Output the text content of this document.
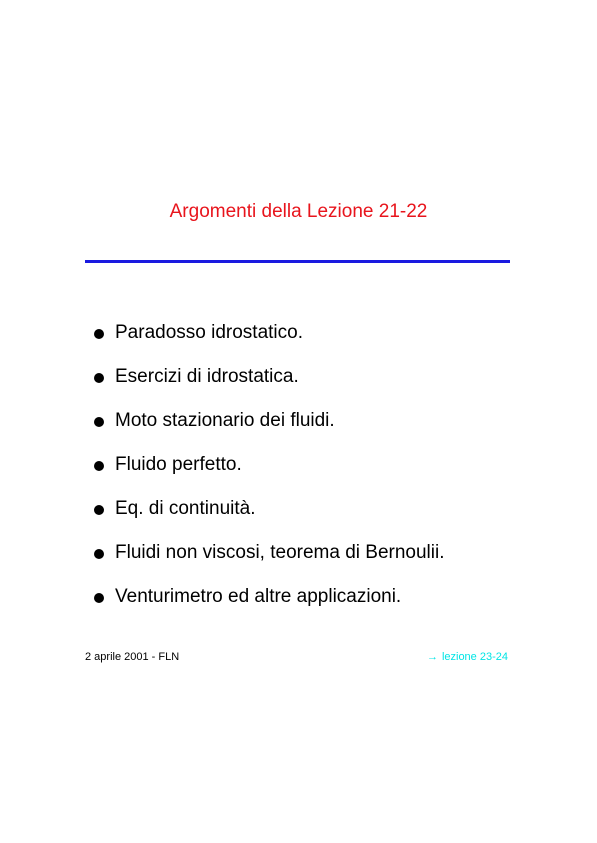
Argomenti della Lezione 21-22
Paradosso idrostatico.
Esercizi di idrostatica.
Moto stazionario dei fluidi.
Fluido perfetto.
Eq. di continuità.
Fluidi non viscosi, teorema di Bernoulii.
Venturimetro ed altre applicazioni.
2 aprile 2001 - FLN	→ lezione 23-24
